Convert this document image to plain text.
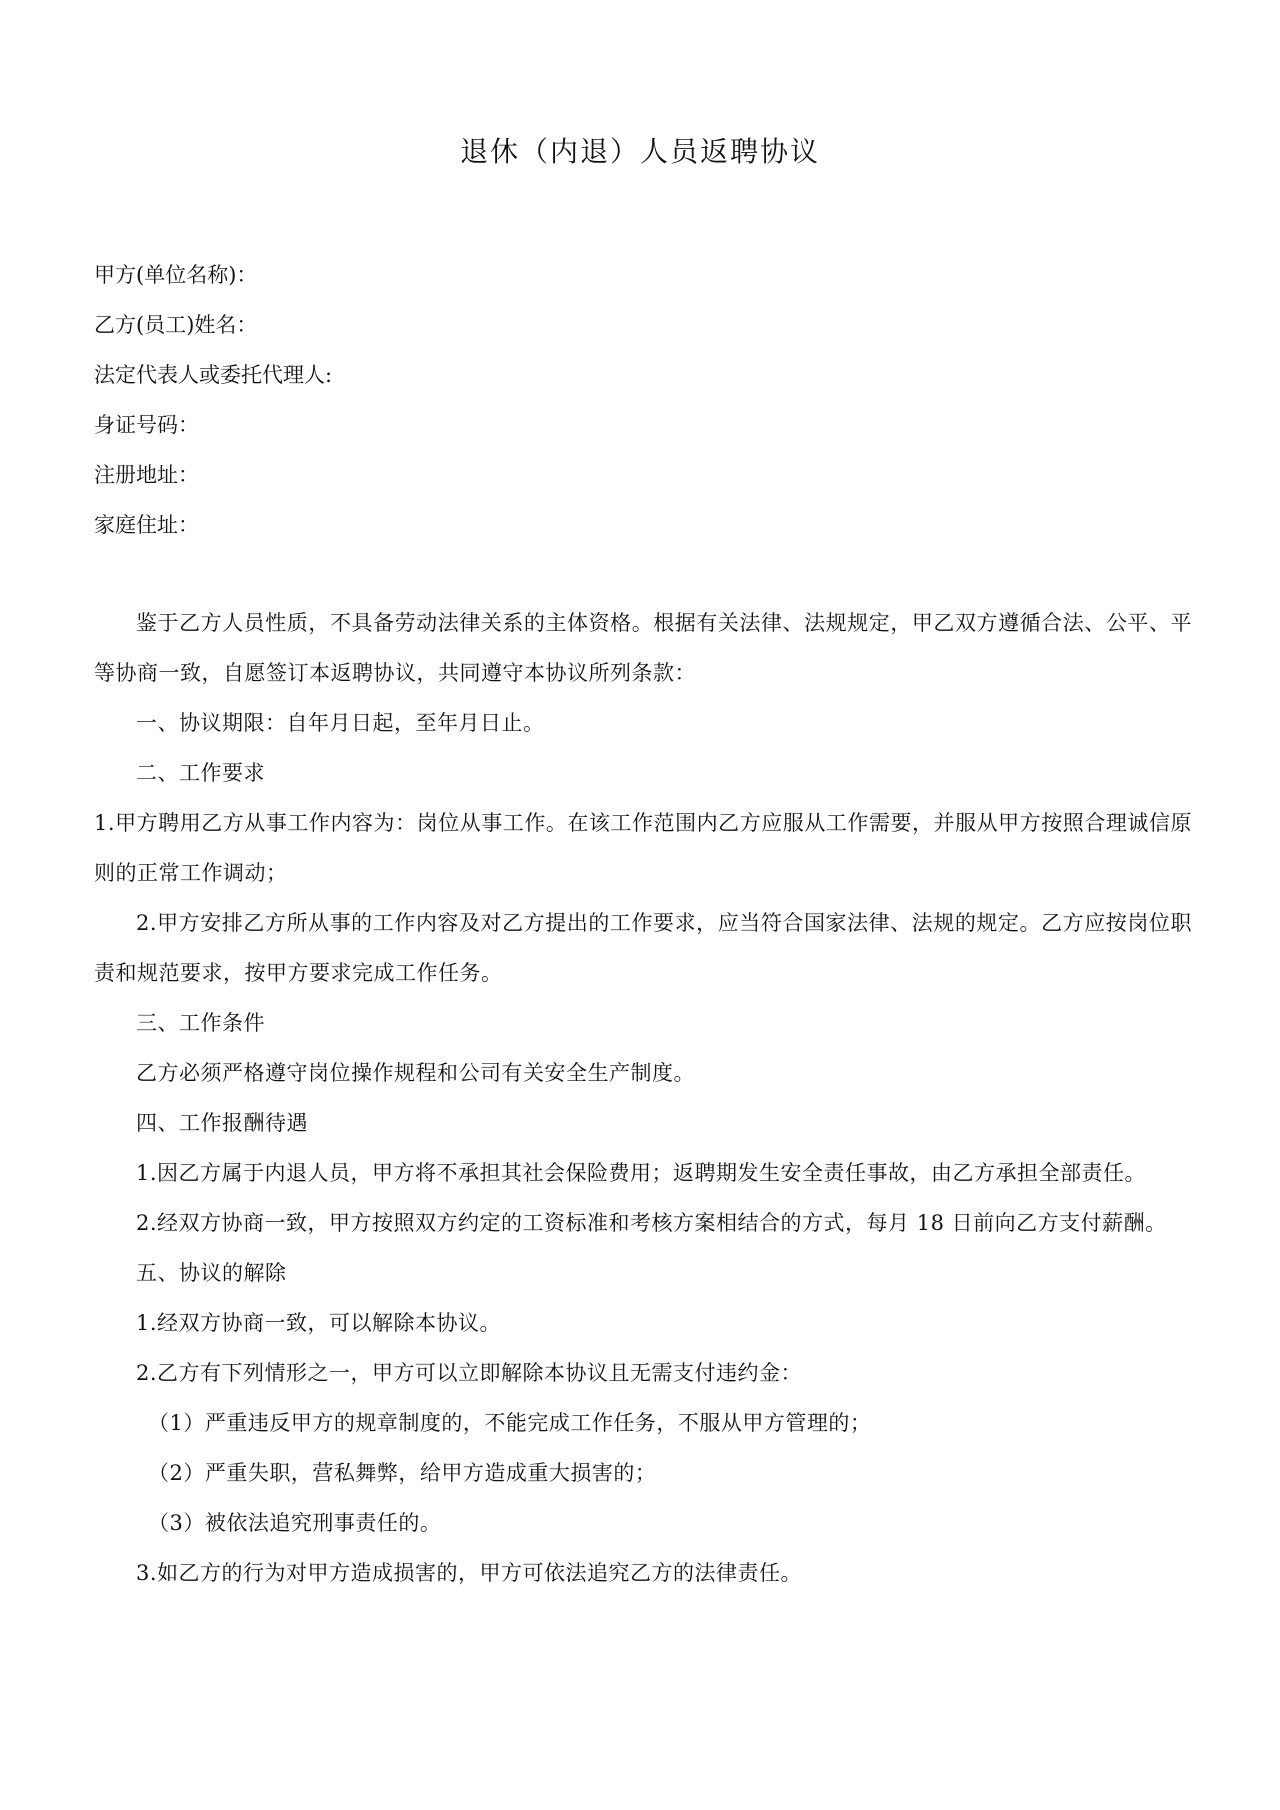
退休（内退）人员返聘协议
甲方(单位名称)：
乙方(员工)姓名：
法定代表人或委托代理人:
身证号码：
注册地址：
家庭住址：

鉴于乙方人员性质，不具备劳动法律关系的主体资格。根据有关法律、法规规定，甲乙双方遵循合法、公平、平等协商一致，自愿签订本返聘协议，共同遵守本协议所列条款：

一、协议期限：自年月日起，至年月日止。

二、工作要求

1.甲方聘用乙方从事工作内容为：岗位从事工作。在该工作范围内乙方应服从工作需要，并服从甲方按照合理诚信原则的正常工作调动；

2.甲方安排乙方所从事的工作内容及对乙方提出的工作要求，应当符合国家法律、法规的规定。乙方应按岗位职责和规范要求，按甲方要求完成工作任务。

三、工作条件

乙方必须严格遵守岗位操作规程和公司有关安全生产制度。

四、工作报酬待遇

1.因乙方属于内退人员，甲方将不承担其社会保险费用；返聘期发生安全责任事故，由乙方承担全部责任。

2.经双方协商一致，甲方按照双方约定的工资标准和考核方案相结合的方式，每月 18 日前向乙方支付薪酬。

五、协议的解除

1.经双方协商一致，可以解除本协议。

2.乙方有下列情形之一，甲方可以立即解除本协议且无需支付违约金：

（1）严重违反甲方的规章制度的，不能完成工作任务，不服从甲方管理的；

（2）严重失职，营私舞弊，给甲方造成重大损害的；

（3）被依法追究刑事责任的。

3.如乙方的行为对甲方造成损害的，甲方可依法追究乙方的法律责任。
